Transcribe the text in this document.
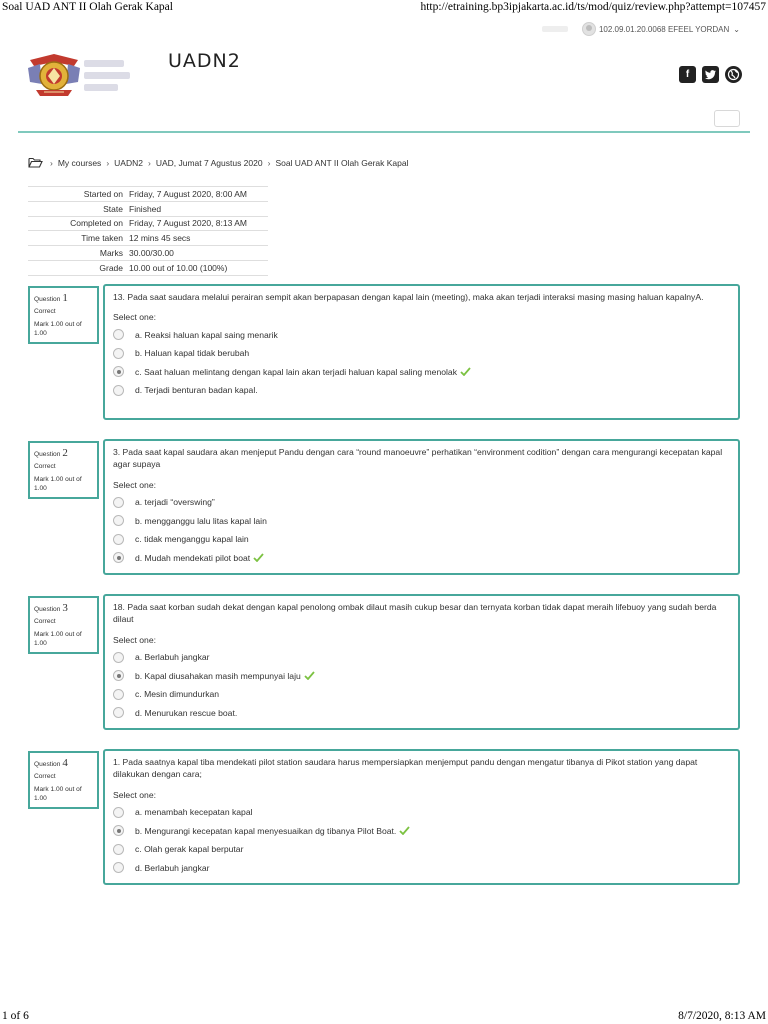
Soal UAD ANT II Olah Gerak Kapal	http://etraining.bp3ipjakarta.ac.id/ts/mod/quiz/review.php?attempt=107457
102.09.01.20.0068 EFEEL YORDAN ⌄
UADN2
f
› My courses › UADN2 › UAD, Jumat 7 Agustus 2020 › Soal UAD ANT II Olah Gerak Kapal
Started on	Friday, 7 August 2020, 8:00 AM
State	Finished
Completed on	Friday, 7 August 2020, 8:13 AM
Time taken	12 mins 45 secs
Marks	30.00/30.00
Grade	10.00 out of 10.00 (100%)
Question 1
Correct
Mark 1.00 out of 1.00
13. Pada saat saudara melalui perairan sempit akan berpapasan dengan kapal lain (meeting), maka akan terjadi interaksi masing masing haluan kapalnyA.
Select one:
a. Reaksi haluan kapal saing menarik
b. Haluan kapal tidak berubah
c. Saat haluan melintang dengan kapal lain akan terjadi haluan kapal saling menolak
d. Terjadi benturan badan kapal.
Question 2
Correct
Mark 1.00 out of 1.00
3. Pada saat kapal saudara akan menjeput Pandu dengan cara “round manoeuvre” perhatikan “environment codition” dengan cara mengurangi kecepatan kapal agar supaya
Select one:
a. terjadi “overswing”
b. mengganggu lalu litas kapal lain
c. tidak menganggu kapal lain
d. Mudah mendekati pilot boat
Question 3
Correct
Mark 1.00 out of 1.00
18. Pada saat korban sudah dekat dengan kapal penolong ombak dilaut masih cukup besar dan ternyata korban tidak dapat meraih lifebuoy yang sudah berda dilaut
Select one:
a. Berlabuh jangkar
b. Kapal diusahakan masih mempunyai laju
c. Mesin dimundurkan
d. Menurukan rescue boat.
Question 4
Correct
Mark 1.00 out of 1.00
1. Pada saatnya kapal tiba mendekati pilot station saudara harus mempersiapkan menjemput pandu dengan mengatur tibanya di Pikot station yang dapat dilakukan dengan cara;
Select one:
a. menambah kecepatan kapal
b. Mengurangi kecepatan kapal menyesuaikan dg tibanya Pilot Boat.
c. Olah gerak kapal berputar
d. Berlabuh jangkar
1 of 6	8/7/2020, 8:13 AM
